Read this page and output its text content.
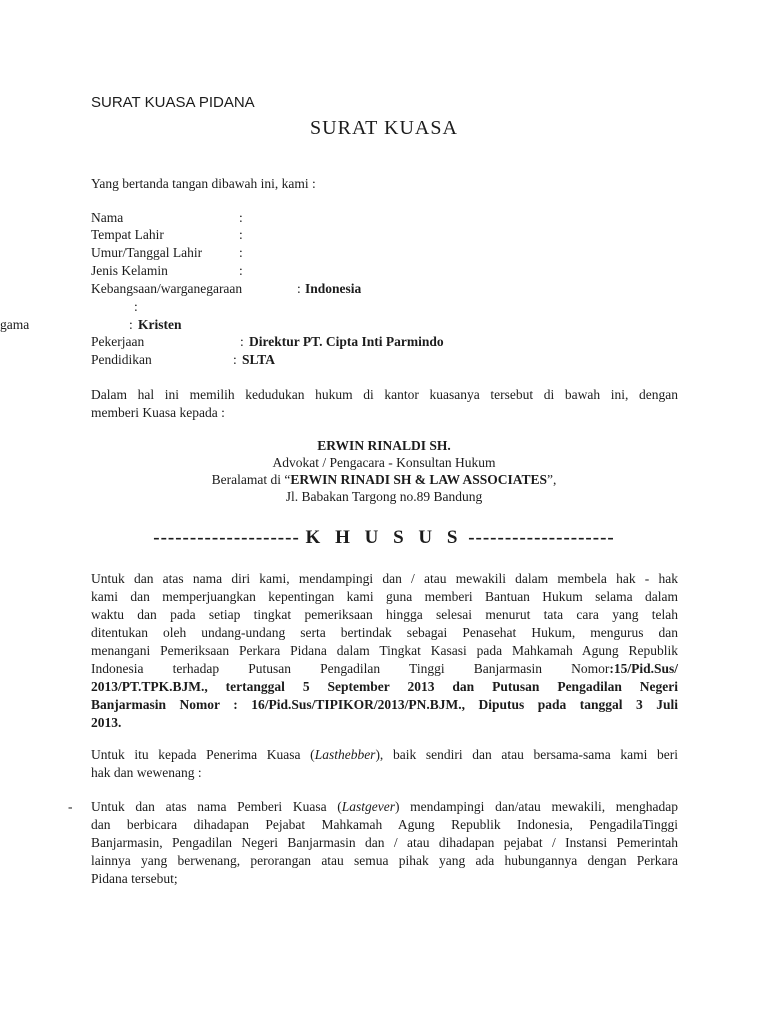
SURAT KUASA PIDANA
SURAT KUASA
Yang bertanda tangan dibawah ini, kami :
Nama	:
Tempat Lahir	:
Umur/Tanggal Lahir	:
Jenis Kelamin	:
Kebangsaan/warganegaraan	: Indonesia
:
gama	: Kristen
Pekerjaan	: Direktur PT. Cipta Inti Parmindo
Pendidikan	: SLTA
Dalam hal ini memilih kedudukan hukum di kantor kuasanya tersebut di bawah ini, dengan
memberi Kuasa kepada :
ERWIN RINALDI SH.
Advokat / Pengacara - Konsultan Hukum
Beralamat di “ERWIN RINADI SH & LAW ASSOCIATES”,
Jl. Babakan Targong no.89 Bandung
-------------------- K H U S U S --------------------
Untuk dan atas nama diri kami, mendampingi dan / atau mewakili dalam membela hak - hak
kami dan memperjuangkan kepentingan kami guna memberi Bantuan Hukum selama dalam
waktu dan pada setiap tingkat pemeriksaan hingga selesai menurut tata cara yang telah
ditentukan oleh undang-undang serta bertindak sebagai Penasehat Hukum, mengurus dan
menangani Pemeriksaan Perkara Pidana dalam Tingkat Kasasi pada Mahkamah Agung Republik
Indonesia terhadap Putusan Pengadilan Tinggi Banjarmasin Nomor:15/Pid.Sus/
2013/PT.TPK.BJM., tertanggal 5 September 2013 dan Putusan Pengadilan Negeri
Banjarmasin Nomor : 16/Pid.Sus/TIPIKOR/2013/PN.BJM., Diputus pada tanggal 3 Juli
2013.
Untuk itu kepada Penerima Kuasa (Lasthebber), baik sendiri dan atau bersama-sama kami beri
hak dan wewenang :
- Untuk dan atas nama Pemberi Kuasa (Lastgever) mendampingi dan/atau mewakili, menghadap
dan berbicara dihadapan Pejabat Mahkamah Agung Republik Indonesia, PengadilaTinggi
Banjarmasin, Pengadilan Negeri Banjarmasin dan / atau dihadapan pejabat / Instansi Pemerintah
lainnya yang berwenang, perorangan atau semua pihak yang ada hubungannya dengan Perkara
Pidana tersebut;
